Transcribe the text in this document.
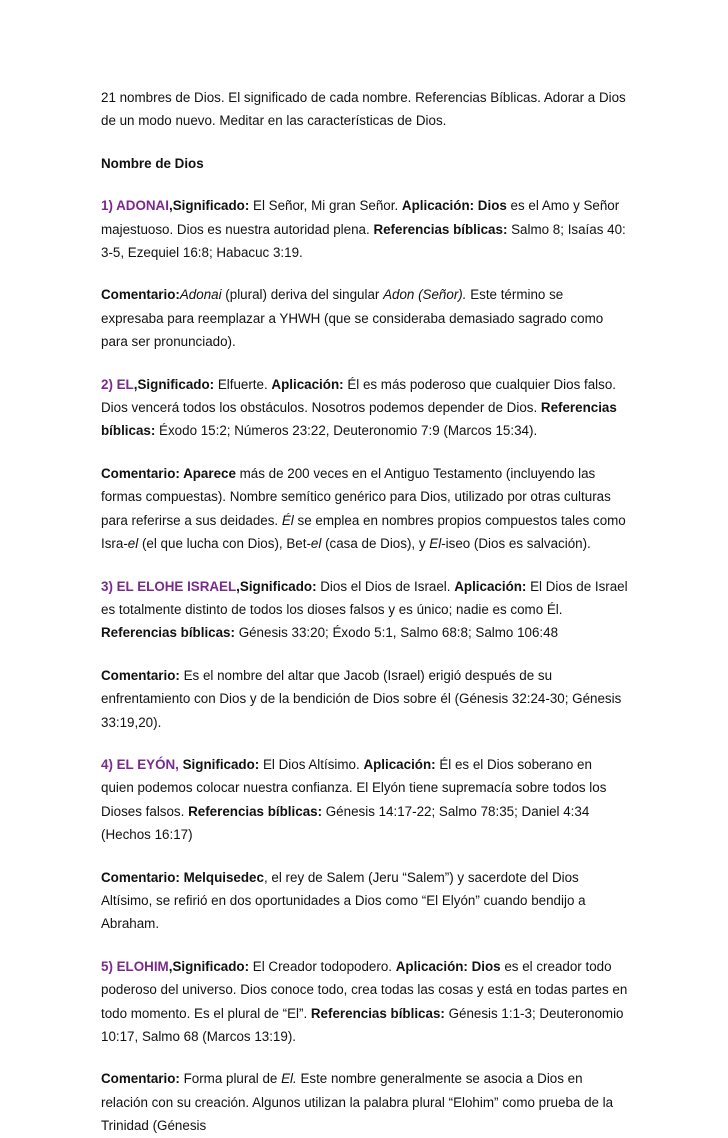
21 nombres de Dios. El significado de cada nombre. Referencias Bíblicas. Adorar a Dios de un modo nuevo. Meditar en las características de Dios.

Nombre de Dios

1) ADONAI,Significado: El Señor, Mi gran Señor. Aplicación: Dios es el Amo y Señor majestuoso. Dios es nuestra autoridad plena. Referencias bíblicas: Salmo 8; Isaías 40: 3-5, Ezequiel 16:8; Habacuc 3:19.

Comentario:Adonai (plural) deriva del singular Adon (Señor). Este término se expresaba para reemplazar a YHWH (que se consideraba demasiado sagrado como para ser pronunciado).

2) EL,Significado: Elfuerte. Aplicación: Él es más poderoso que cualquier Dios falso. Dios vencerá todos los obstáculos. Nosotros podemos depender de Dios. Referencias bíblicas: Éxodo 15:2; Números 23:22, Deuteronomio 7:9 (Marcos 15:34).

Comentario: Aparece más de 200 veces en el Antiguo Testamento (incluyendo las formas compuestas). Nombre semítico genérico para Dios, utilizado por otras culturas para referirse a sus deidades. Él se emplea en nombres propios compuestos tales como Isra-el (el que lucha con Dios), Bet-el (casa de Dios), y El-iseo (Dios es salvación).

3) EL ELOHE ISRAEL,Significado: Dios el Dios de Israel. Aplicación: El Dios de Israel es totalmente distinto de todos los dioses falsos y es único; nadie es como Él. Referencias bíblicas: Génesis 33:20; Éxodo 5:1, Salmo 68:8; Salmo 106:48

Comentario: Es el nombre del altar que Jacob (Israel) erigió después de su enfrentamiento con Dios y de la bendición de Dios sobre él (Génesis 32:24-30; Génesis 33:19,20).

4) EL EYÓN, Significado: El Dios Altísimo. Aplicación: Él es el Dios soberano en quien podemos colocar nuestra confianza. El Elyón tiene supremacía sobre todos los Dioses falsos. Referencias bíblicas: Génesis 14:17-22; Salmo 78:35; Daniel 4:34 (Hechos 16:17)

Comentario: Melquisedec, el rey de Salem (Jeru “Salem”) y sacerdote del Dios Altísimo, se refirió en dos oportunidades a Dios como “El Elyón” cuando bendijo a Abraham.

5) ELOHIM,Significado: El Creador todopodero. Aplicación: Dios es el creador todo poderoso del universo. Dios conoce todo, crea todas las cosas y está en todas partes en todo momento. Es el plural de “El”. Referencias bíblicas: Génesis 1:1-3; Deuteronomio 10:17, Salmo 68 (Marcos 13:19).

Comentario: Forma plural de El. Este nombre generalmente se asocia a Dios en relación con su creación. Algunos utilizan la palabra plural “Elohim” como prueba de la Trinidad (Génesis
